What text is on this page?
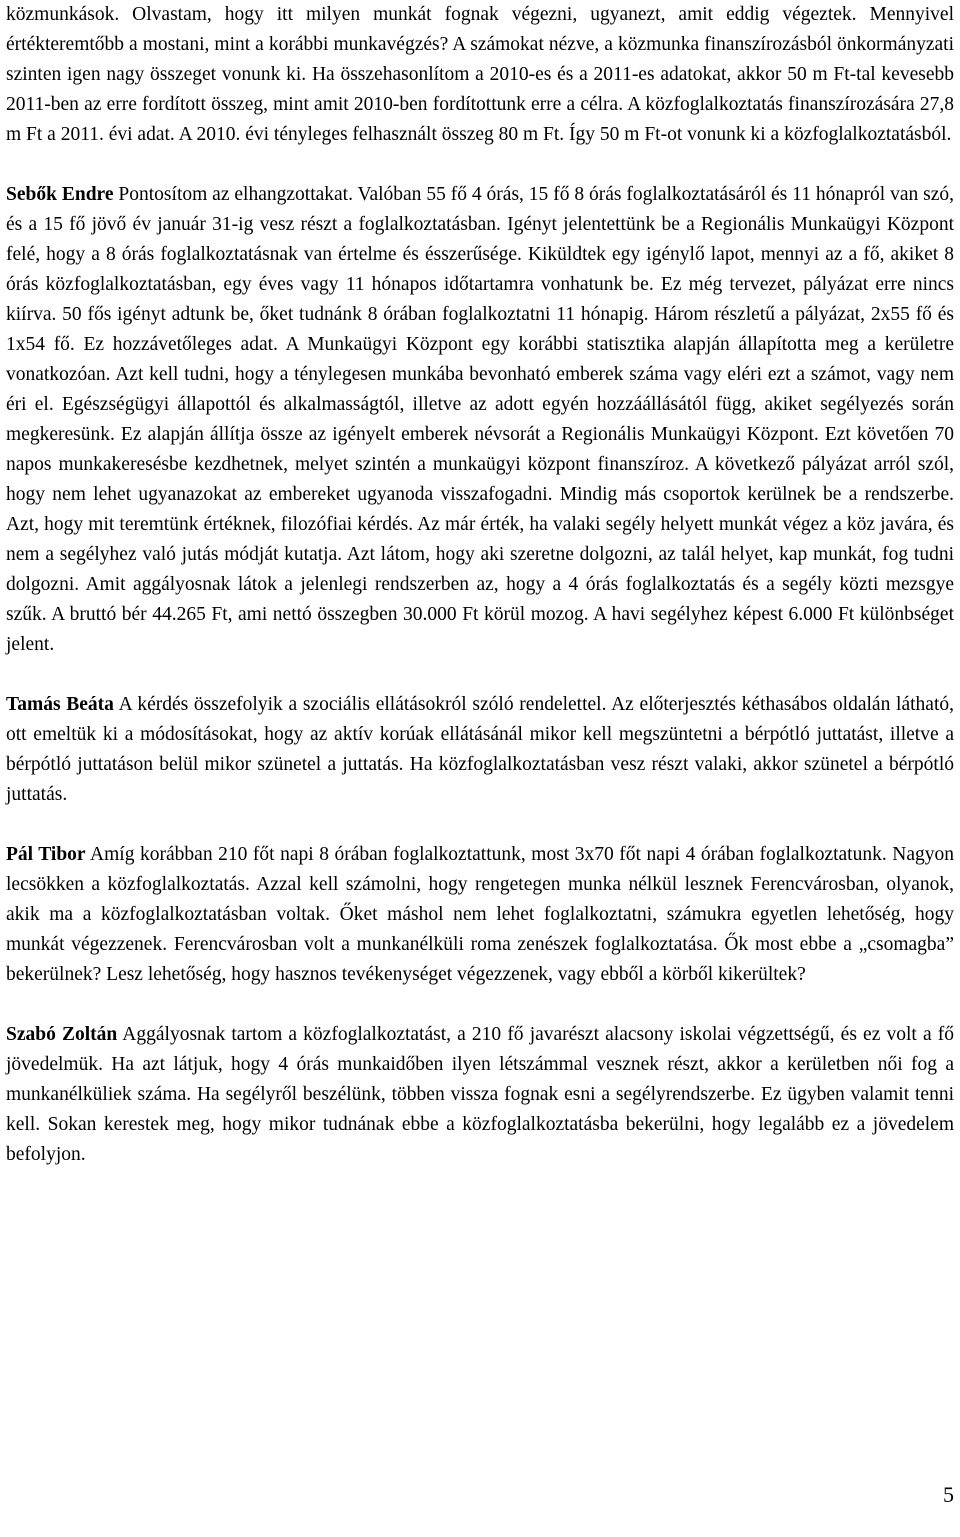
közmunkások. Olvastam, hogy itt milyen munkát fognak végezni, ugyanezt, amit eddig végeztek. Mennyivel értékteremtőbb a mostani, mint a korábbi munkavégzés? A számokat nézve, a közmunka finanszírozásból önkormányzati szinten igen nagy összeget vonunk ki. Ha összehasonlítom a 2010-es és a 2011-es adatokat, akkor 50 m Ft-tal kevesebb 2011-ben az erre fordított összeg, mint amit 2010-ben fordítottunk erre a célra. A közfoglalkoztatás finanszírozására 27,8 m Ft a 2011. évi adat. A 2010. évi tényleges felhasznált összeg 80 m Ft. Így 50 m Ft-ot vonunk ki a közfoglalkoztatásból.

Sebők Endre Pontosítom az elhangzottakat. Valóban 55 fő 4 órás, 15 fő 8 órás foglalkoztatásáról és 11 hónapról van szó, és a 15 fő jövő év január 31-ig vesz részt a foglalkoztatásban. Igényt jelentettünk be a Regionális Munkaügyi Központ felé, hogy a 8 órás foglalkoztatásnak van értelme és ésszerűsége. Kiküldtek egy igénylő lapot, mennyi az a fő, akiket 8 órás közfoglalkoztatásban, egy éves vagy 11 hónapos időtartamra vonhatunk be. Ez még tervezet, pályázat erre nincs kiírva. 50 fős igényt adtunk be, őket tudnánk 8 órában foglalkoztatni 11 hónapig. Három részletű a pályázat, 2x55 fő és 1x54 fő. Ez hozzávetőleges adat. A Munkaügyi Központ egy korábbi statisztika alapján állapította meg a kerületre vonatkozóan. Azt kell tudni, hogy a ténylegesen munkába bevonható emberek száma vagy eléri ezt a számot, vagy nem éri el. Egészségügyi állapottól és alkalmasságtól, illetve az adott egyén hozzáállásától függ, akiket segélyezés során megkeresünk. Ez alapján állítja össze az igényelt emberek névsorát a Regionális Munkaügyi Központ. Ezt követően 70 napos munkakeresésbe kezdhetnek, melyet szintén a munkaügyi központ finanszíroz. A következő pályázat arról szól, hogy nem lehet ugyanazokat az embereket ugyanoda visszafogadni. Mindig más csoportok kerülnek be a rendszerbe. Azt, hogy mit teremtünk értéknek, filozófiai kérdés. Az már érték, ha valaki segély helyett munkát végez a köz javára, és nem a segélyhez való jutás módját kutatja. Azt látom, hogy aki szeretne dolgozni, az talál helyet, kap munkát, fog tudni dolgozni. Amit aggályosnak látok a jelenlegi rendszerben az, hogy a 4 órás foglalkoztatás és a segély közti mezsgye szűk. A bruttó bér 44.265 Ft, ami nettó összegben 30.000 Ft körül mozog. A havi segélyhez képest 6.000 Ft különbséget jelent.

Tamás Beáta A kérdés összefolyik a szociális ellátásokról szóló rendelettel. Az előterjesztés kéthasábos oldalán látható, ott emeltük ki a módosításokat, hogy az aktív korúak ellátásánál mikor kell megszüntetni a bérpótló juttatást, illetve a bérpótló juttatáson belül mikor szünetel a juttatás. Ha közfoglalkoztatásban vesz részt valaki, akkor szünetel a bérpótló juttatás.

Pál Tibor Amíg korábban 210 főt napi 8 órában foglalkoztattunk, most 3x70 főt napi 4 órában foglalkoztatunk. Nagyon lecsökken a közfoglalkoztatás. Azzal kell számolni, hogy rengetegen munka nélkül lesznek Ferencvárosban, olyanok, akik ma a közfoglalkoztatásban voltak. Őket máshol nem lehet foglalkoztatni, számukra egyetlen lehetőség, hogy munkát végezzenek. Ferencvárosban volt a munkanélküli roma zenészek foglalkoztatása. Ők most ebbe a „csomagba” bekerülnek? Lesz lehetőség, hogy hasznos tevékenységet végezzenek, vagy ebből a körből kikerültek?

Szabó Zoltán Aggályosnak tartom a közfoglalkoztatást, a 210 fő javarészt alacsony iskolai végzettségű, és ez volt a fő jövedelmük. Ha azt látjuk, hogy 4 órás munkaidőben ilyen létszámmal vesznek részt, akkor a kerületben női fog a munkanélküliek száma. Ha segélyről beszélünk, többen vissza fognak esni a segélyrendszerbe. Ez ügyben valamit tenni kell. Sokan kerestek meg, hogy mikor tudnának ebbe a közfoglalkoztatásba bekerülni, hogy legalább ez a jövedelem befolyjon.

5
